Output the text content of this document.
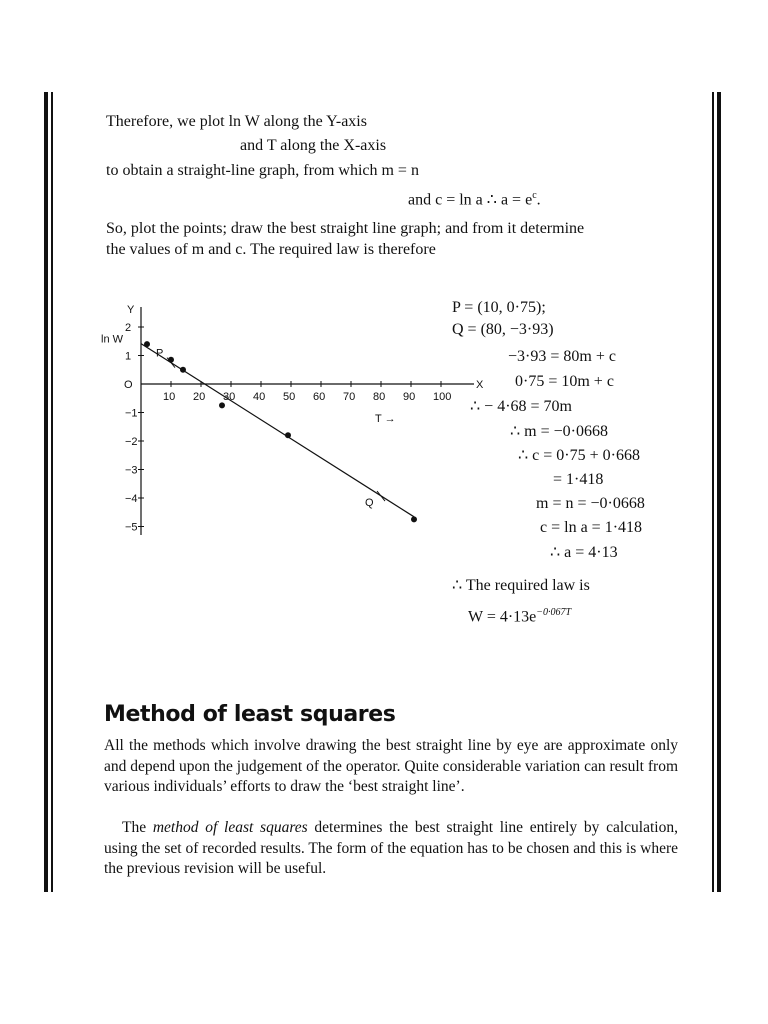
Therefore, we plot ln W along the Y-axis
and T along the X-axis
to obtain a straight-line graph, from which m = n
and c = ln a ∴ $a = e^c$.
So, plot the points; draw the best straight line graph; and from it determine
the values of m and c. The required law is therefore
Y
X
ln W
O
T →
10 20 30 40 50 60 70 80 90 100
2
1
−1
−2
−3
−4
−5
P
Q
P = (10, 0·75);
Q = (80, −3·93)
−3·93 = 80m + c
0·75 = 10m + c
∴ − 4·68 = 70m
∴ m = −0·0668
∴ c = 0·75 + 0·668
= 1·418
m = n = −0·0668
c = ln a = 1·418
∴ a = 4·13
∴ The required law is
$W = 4\cdot 13e^{-0\cdot 067T}$
Method of least squares
All the methods which involve drawing the best straight line by eye are approximate only and depend upon the judgement of the operator. Quite considerable variation can result from various individuals’ efforts to draw the ‘best straight line’.
The method of least squares determines the best straight line entirely by calculation, using the set of recorded results. The form of the equation has to be chosen and this is where the previous revision will be useful.
